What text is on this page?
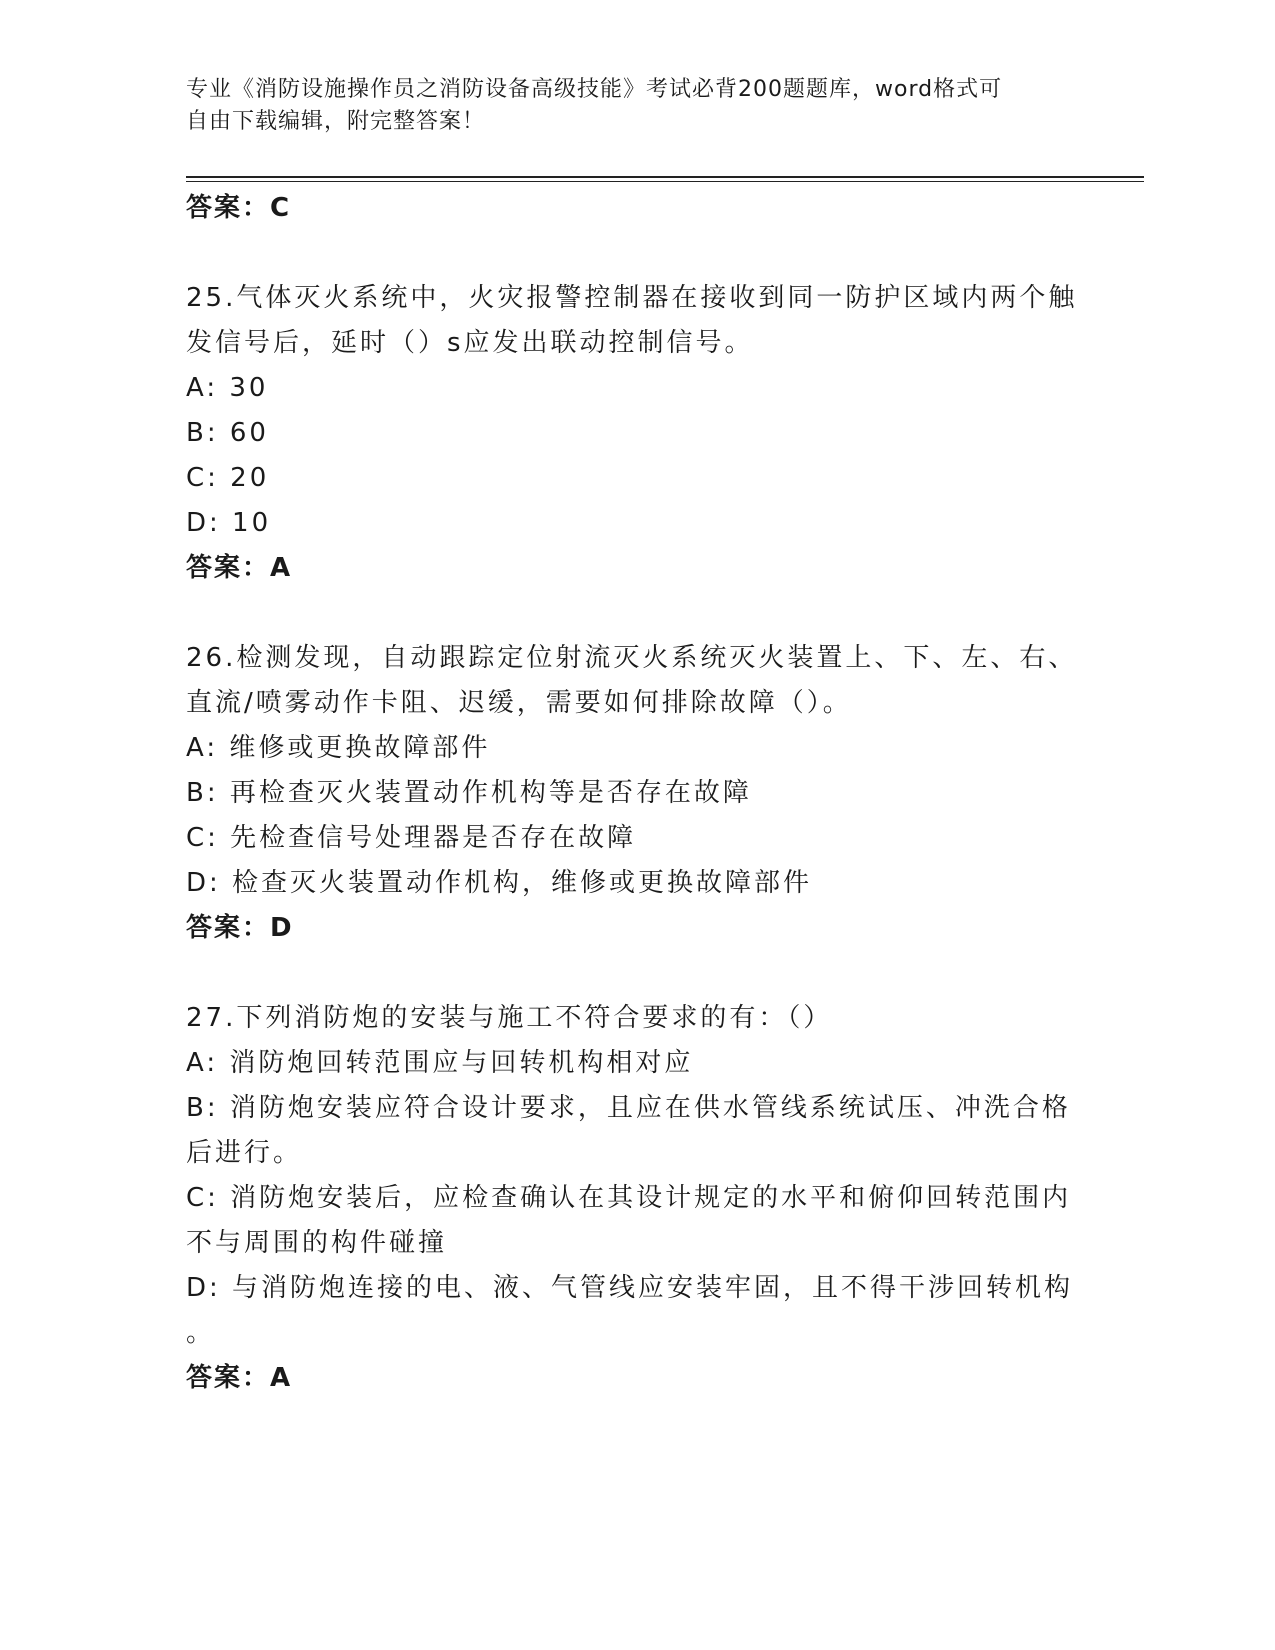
专业《消防设施操作员之消防设备高级技能》考试必背200题题库，word格式可
自由下载编辑，附完整答案！
答案：C
25.气体灭火系统中，火灾报警控制器在接收到同一防护区域内两个触
发信号后，延时（）s应发出联动控制信号。
A: 30
B: 60
C: 20
D: 10
答案：A
26.检测发现，自动跟踪定位射流灭火系统灭火装置上、下、左、右、
直流/喷雾动作卡阻、迟缓，需要如何排除故障（）。
A: 维修或更换故障部件
B: 再检查灭火装置动作机构等是否存在故障
C: 先检查信号处理器是否存在故障
D: 检查灭火装置动作机构，维修或更换故障部件
答案：D
27.下列消防炮的安装与施工不符合要求的有：（）
A: 消防炮回转范围应与回转机构相对应
B: 消防炮安装应符合设计要求，且应在供水管线系统试压、冲洗合格
后进行。
C: 消防炮安装后，应检查确认在其设计规定的水平和俯仰回转范围内
不与周围的构件碰撞
D: 与消防炮连接的电、液、气管线应安装牢固，且不得干涉回转机构
。
答案：A
